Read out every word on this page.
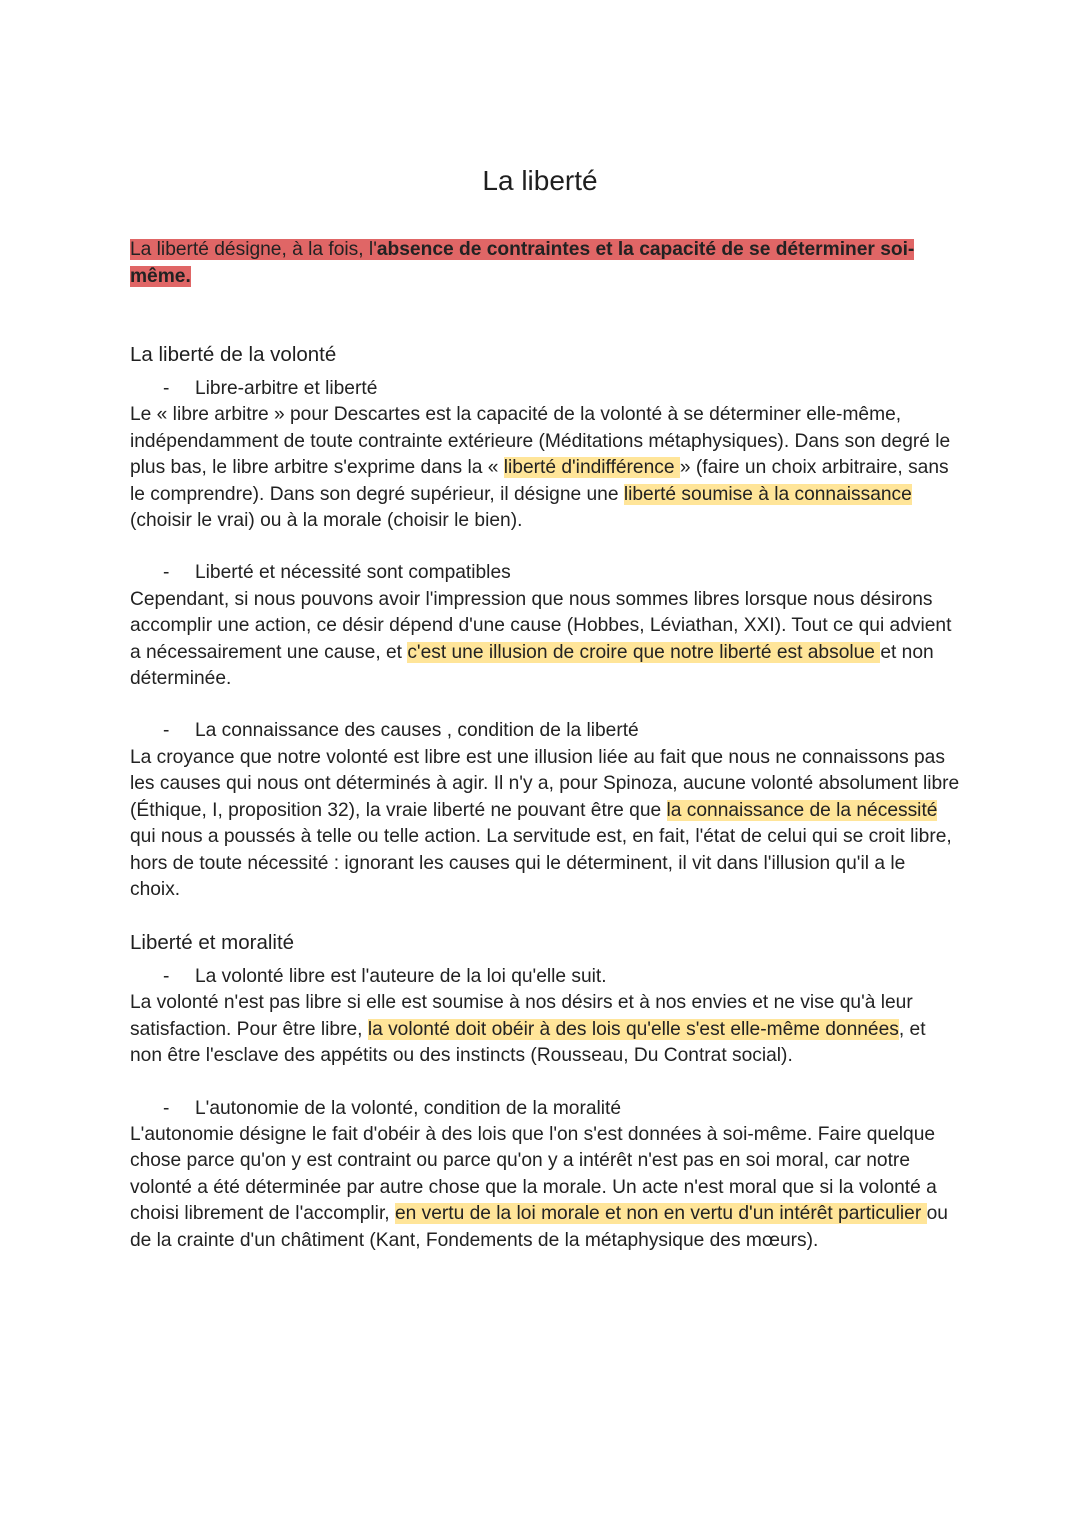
La liberté
La liberté désigne, à la fois, l'absence de contraintes et la capacité de se déterminer soi-même.
La liberté de la volonté
- Libre-arbitre et liberté
Le « libre arbitre » pour Descartes est la capacité de la volonté à se déterminer elle-même, indépendamment de toute contrainte extérieure (Méditations métaphysiques). Dans son degré le plus bas, le libre arbitre s'exprime dans la « liberté d'indifférence » (faire un choix arbitraire, sans le comprendre). Dans son degré supérieur, il désigne une liberté soumise à la connaissance (choisir le vrai) ou à la morale (choisir le bien).
- Liberté et nécessité sont compatibles
Cependant, si nous pouvons avoir l'impression que nous sommes libres lorsque nous désirons accomplir une action, ce désir dépend d'une cause (Hobbes, Léviathan, XXI). Tout ce qui advient a nécessairement une cause, et c'est une illusion de croire que notre liberté est absolue et non déterminée.
- La connaissance des causes , condition de la liberté
La croyance que notre volonté est libre est une illusion liée au fait que nous ne connaissons pas les causes qui nous ont déterminés à agir. Il n'y a, pour Spinoza, aucune volonté absolument libre (Éthique, I, proposition 32), la vraie liberté ne pouvant être que la connaissance de la nécessité qui nous a poussés à telle ou telle action. La servitude est, en fait, l'état de celui qui se croit libre, hors de toute nécessité : ignorant les causes qui le déterminent, il vit dans l'illusion qu'il a le choix.
Liberté et moralité
- La volonté libre est l'auteure de la loi qu'elle suit.
La volonté n'est pas libre si elle est soumise à nos désirs et à nos envies et ne vise qu'à leur satisfaction. Pour être libre, la volonté doit obéir à des lois qu'elle s'est elle-même données, et non être l'esclave des appétits ou des instincts (Rousseau, Du Contrat social).
- L'autonomie de la volonté, condition de la moralité
L'autonomie désigne le fait d'obéir à des lois que l'on s'est données à soi-même. Faire quelque chose parce qu'on y est contraint ou parce qu'on y a intérêt n'est pas en soi moral, car notre volonté a été déterminée par autre chose que la morale. Un acte n'est moral que si la volonté a choisi librement de l'accomplir, en vertu de la loi morale et non en vertu d'un intérêt particulier ou de la crainte d'un châtiment (Kant, Fondements de la métaphysique des mœurs).
